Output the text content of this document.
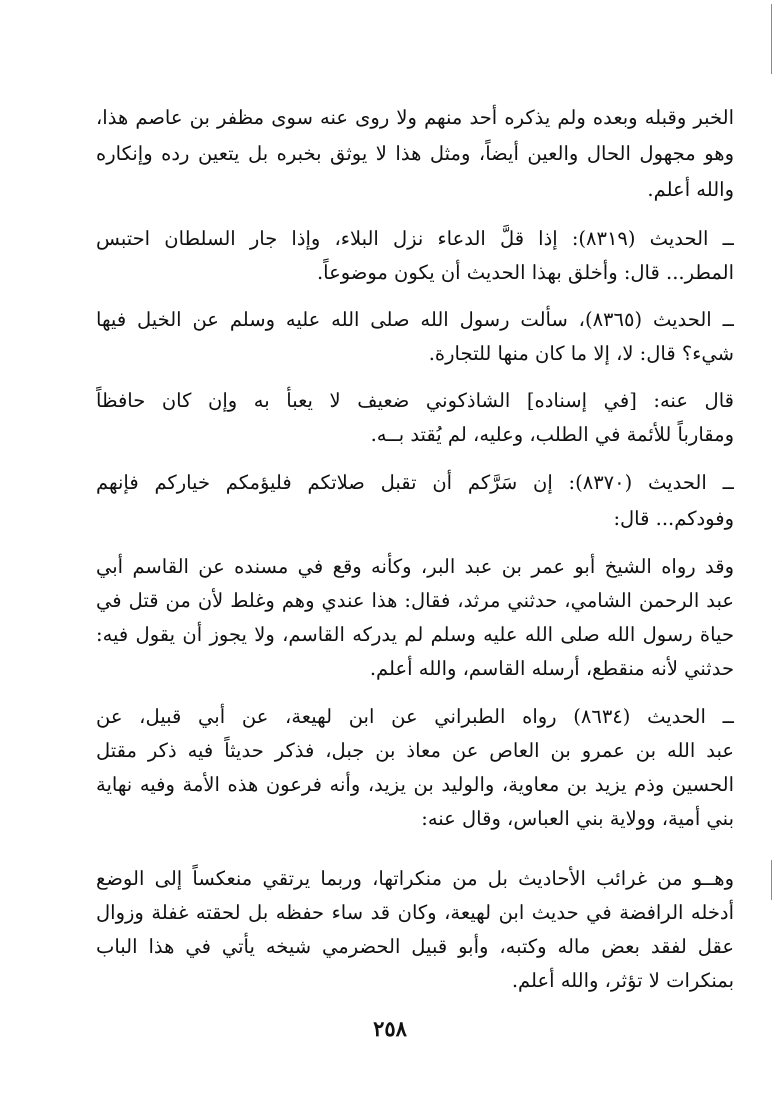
الخبر وقبله وبعده ولم يذكره أحد منهم ولا روى عنه سوى مظفر بن عاصم هذا،
وهو مجهول الحال والعين أيضاً، ومثل هذا لا يوثق بخبره بل يتعين رده وإنكاره
والله أعلم.
ــ الحديث (٨٣١٩): إذا قلَّ الدعاء نزل البلاء، وإذا جار السلطان احتبس
المطر... قال: وأخلق بهذا الحديث أن يكون موضوعاً.
ــ الحديث (٨٣٦٥)، سألت رسول الله صلى الله عليه وسلم عن الخيل فيها
شيء؟ قال: لا، إلا ما كان منها للتجارة.
قال عنه: [في إسناده] الشاذكوني ضعيف لا يعبأ به وإن كان حافظاً
ومقارباً للأئمة في الطلب، وعليه، لم يُقتد بــه.
ــ الحديث (٨٣٧٠): إن سَرَّكم أن تقبل صلاتكم فليؤمكم خياركم فإنهم
وفودكم... قال:
وقد رواه الشيخ أبو عمر بن عبد البر، وكأنه وقع في مسنده عن القاسم أبي
عبد الرحمن الشامي، حدثني مرثد، فقال: هذا عندي وهم وغلط لأن من قتل في
حياة رسول الله صلى الله عليه وسلم لم يدركه القاسم، ولا يجوز أن يقول فيه:
حدثني لأنه منقطع، أرسله القاسم، والله أعلم.
ــ الحديث (٨٦٣٤) رواه الطبراني عن ابن لهيعة، عن أبي قبيل، عن
عبد الله بن عمرو بن العاص عن معاذ بن جبل، فذكر حديثاً فيه ذكر مقتل
الحسين وذم يزيد بن معاوية، والوليد بن يزيد، وأنه فرعون هذه الأمة وفيه نهاية
بني أمية، وولاية بني العباس، وقال عنه:
وهــو من غرائب الأحاديث بل من منكراتها، وربما يرتقي منعكساً إلى الوضع
أدخله الرافضة في حديث ابن لهيعة، وكان قد ساء حفظه بل لحقته غفلة وزوال
عقل لفقد بعض ماله وكتبه، وأبو قبيل الحضرمي شيخه يأتي في هذا الباب
بمنكرات لا تؤثر، والله أعلم.
٢٥٨
